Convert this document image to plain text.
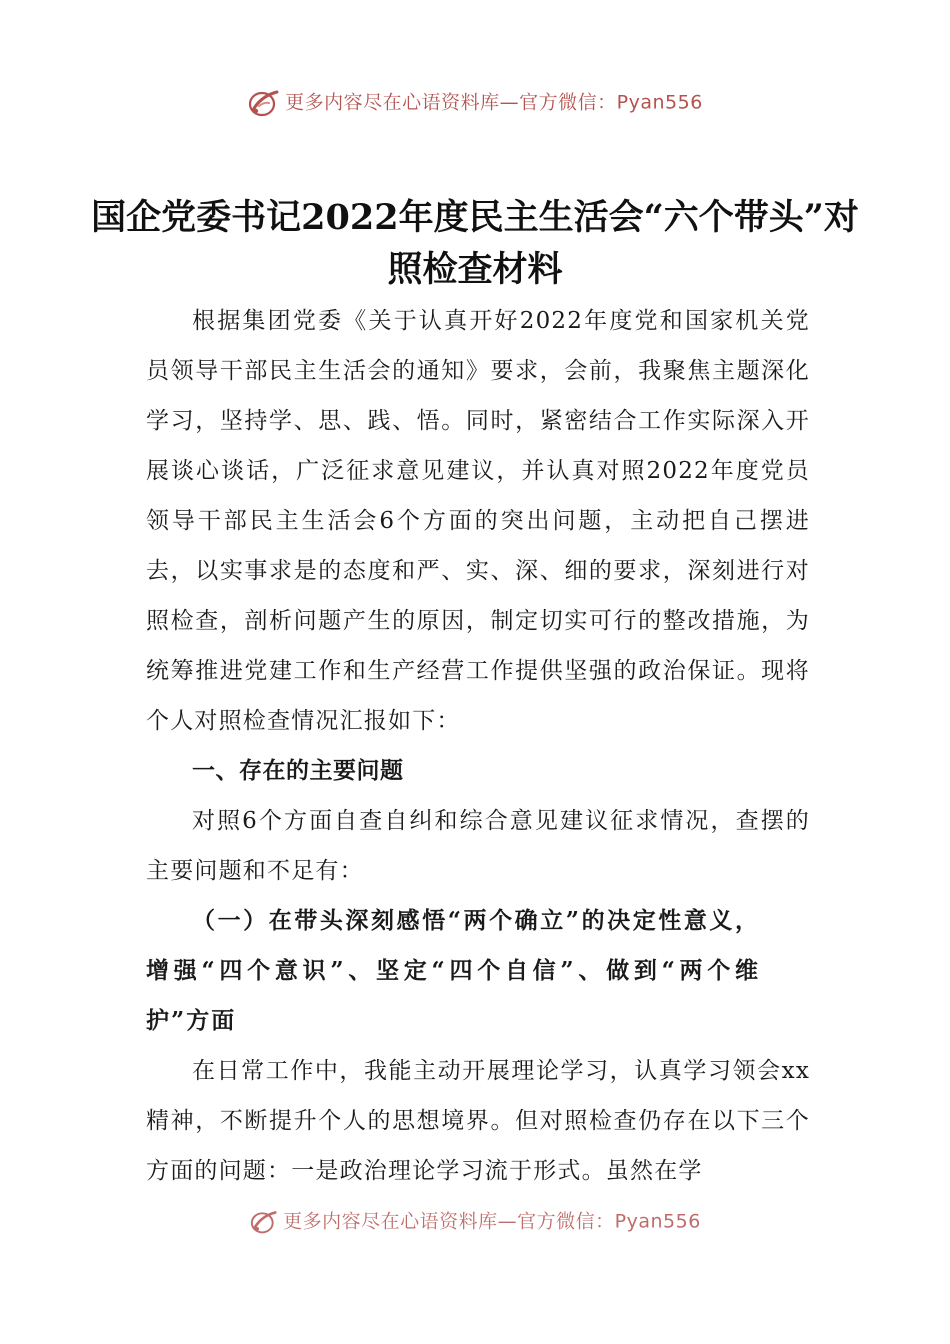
更多内容尽在心语资料库—官方微信：Pyan556
国企党委书记2022年度民主生活会“六个带头”对照检查材料

根据集团党委《关于认真开好2022年度党和国家机关党员领导干部民主生活会的通知》要求，会前，我聚焦主题深化学习，坚持学、思、践、悟。同时，紧密结合工作实际深入开展谈心谈话，广泛征求意见建议，并认真对照2022年度党员领导干部民主生活会6个方面的突出问题，主动把自己摆进去，以实事求是的态度和严、实、深、细的要求，深刻进行对照检查，剖析问题产生的原因，制定切实可行的整改措施，为统筹推进党建工作和生产经营工作提供坚强的政治保证。现将个人对照检查情况汇报如下：

一、存在的主要问题

对照6个方面自查自纠和综合意见建议征求情况，查摆的主要问题和不足有：

（一）在带头深刻感悟“两个确立”的决定性意义，增强“四个意识”、坚定“四个自信”、做到“两个维护”方面

在日常工作中，我能主动开展理论学习，认真学习领会xx精神，不断提升个人的思想境界。但对照检查仍存在以下三个方面的问题：一是政治理论学习流于形式。虽然在学

更多内容尽在心语资料库—官方微信：Pyan556
